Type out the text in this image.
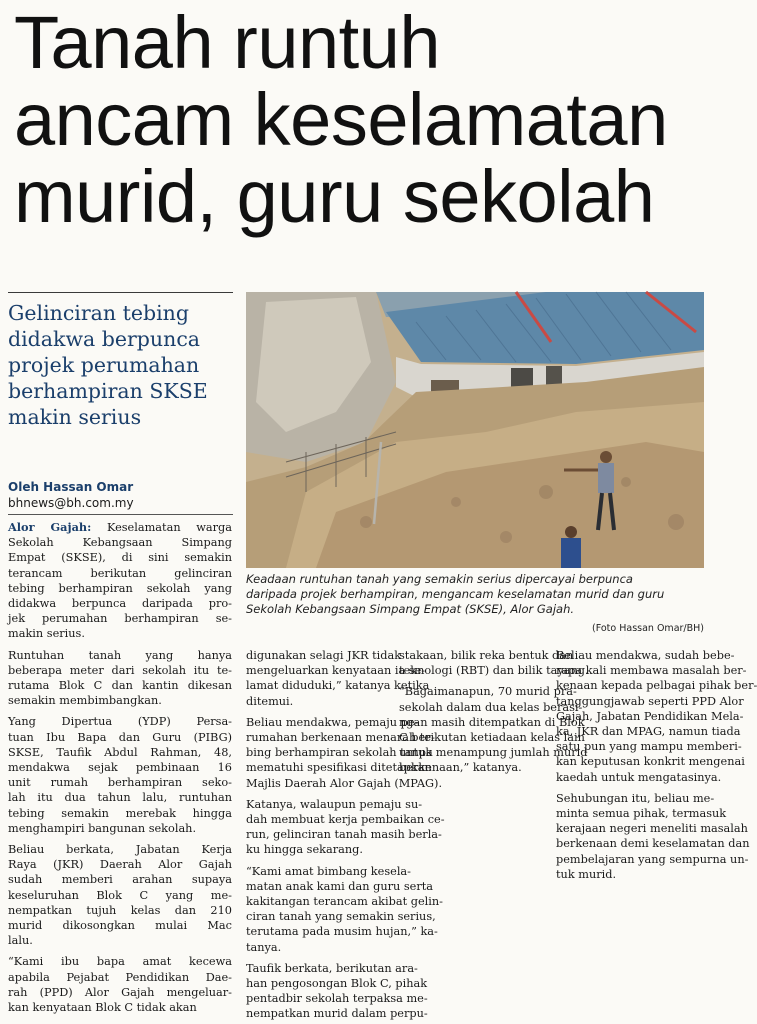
Tanah runtuh
ancam keselamatan
murid, guru sekolah
Gelinciran tebing
didakwa berpunca
projek perumahan
berhampiran SKSE
makin serius
Oleh Hassan Omar
bhnews@bh.com.my
Keadaan runtuhan tanah yang semakin serius dipercayai berpunca
daripada projek berhampiran, mengancam keselamatan murid dan guru
Sekolah Kebangsaan Simpang Empat (SKSE), Alor Gajah.
(Foto Hassan Omar/BH)
Alor Gajah: Keselamatan warga
Sekolah Kebangsaan Simpang
Empat (SKSE), di sini semakin
terancam berikutan gelinciran
tebing berhampiran sekolah yang
didakwa berpunca daripada pro-
jek perumahan berhampiran se-
makin serius.
Runtuhan tanah yang hanya
beberapa meter dari sekolah itu te-
rutama Blok C dan kantin dikesan
semakin membimbangkan.
Yang Dipertua (YDP) Persa-
tuan Ibu Bapa dan Guru (PIBG)
SKSE, Taufik Abdul Rahman, 48,
mendakwa sejak pembinaan 16
unit rumah berhampiran seko-
lah itu dua tahun lalu, runtuhan
tebing semakin merebak hingga
menghampiri bangunan sekolah.
Beliau berkata, Jabatan Kerja
Raya (JKR) Daerah Alor Gajah
sudah memberi arahan supaya
keseluruhan Blok C yang me-
nempatkan tujuh kelas dan 210
murid dikosongkan mulai Mac
lalu.
“Kami ibu bapa amat kecewa
apabila Pejabat Pendidikan Dae-
rah (PPD) Alor Gajah mengeluar-
kan kenyataan Blok C tidak akan
digunakan selagi JKR tidak
mengeluarkan kenyataan ia se-
lamat diduduki,” katanya ketika
ditemui.
Beliau mendakwa, pemaju pe-
rumahan berkenaan menarah te-
bing berhampiran sekolah tanpa
mematuhi spesifikasi ditetapkan
Majlis Daerah Alor Gajah (MPAG).
Katanya, walaupun pemaju su-
dah membuat kerja pembaikan ce-
run, gelinciran tanah masih berla-
ku hingga sekarang.
“Kami amat bimbang kesela-
matan anak kami dan guru serta
kakitangan terancam akibat gelin-
ciran tanah yang semakin serius,
terutama pada musim hujan,” ka-
tanya.
Taufik berkata, berikutan ara-
han pengosongan Blok C, pihak
pentadbir sekolah terpaksa me-
nempatkan murid dalam perpu-
stakaan, bilik reka bentuk dan
teknologi (RBT) dan bilik tayang.
“Bagaimanapun, 70 murid pra-
sekolah dalam dua kelas berasi-
ngan masih ditempatkan di Blok
C berikutan ketiadaan kelas lain
untuk menampung jumlah murid
berkenaan,” katanya.
Beliau mendakwa, sudah bebe-
rapa kali membawa masalah ber-
kenaan kepada pelbagai pihak ber-
tanggungjawab seperti PPD Alor
Gajah, Jabatan Pendidikan Mela-
ka, JKR dan MPAG, namun tiada
satu pun yang mampu memberi-
kan keputusan konkrit mengenai
kaedah untuk mengatasinya.
Sehubungan itu, beliau me-
minta semua pihak, termasuk
kerajaan negeri meneliti masalah
berkenaan demi keselamatan dan
pembelajaran yang sempurna un-
tuk murid.
